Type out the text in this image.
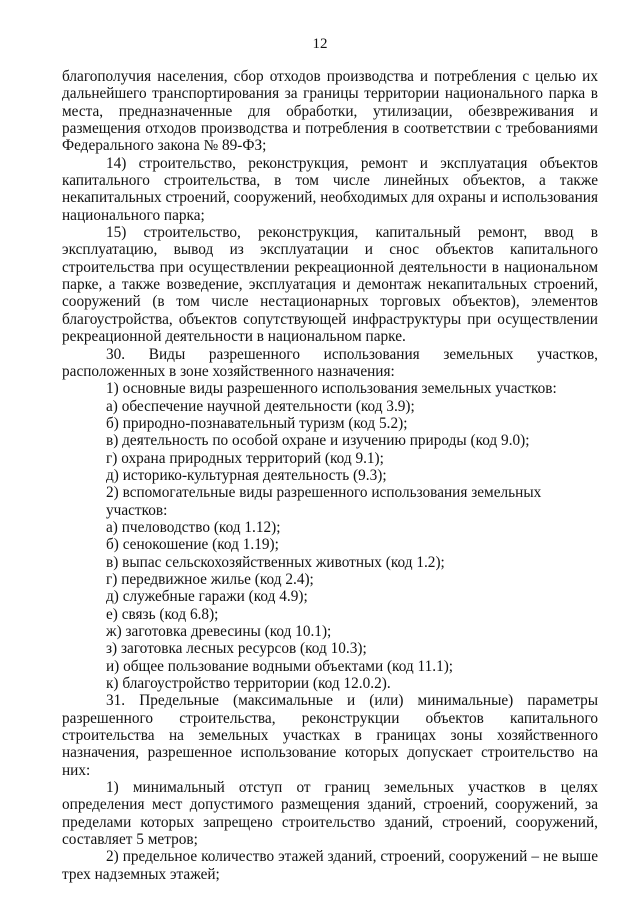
12

благополучия населения, сбор отходов производства и потребления с целью их дальнейшего транспортирования за границы территории национального парка в места, предназначенные для обработки, утилизации, обезвреживания и размещения отходов производства и потребления в соответствии с требованиями Федерального закона № 89-ФЗ;

14) строительство, реконструкция, ремонт и эксплуатация объектов капитального строительства, в том числе линейных объектов, а также некапитальных строений, сооружений, необходимых для охраны и использования национального парка;

15) строительство, реконструкция, капитальный ремонт, ввод в эксплуатацию, вывод из эксплуатации и снос объектов капитального строительства при осуществлении рекреационной деятельности в национальном парке, а также возведение, эксплуатация и демонтаж некапитальных строений, сооружений (в том числе нестационарных торговых объектов), элементов благоустройства, объектов сопутствующей инфраструктуры при осуществлении рекреационной деятельности в национальном парке.

30. Виды разрешенного использования земельных участков, расположенных в зоне хозяйственного назначения:

1) основные виды разрешенного использования земельных участков:

а) обеспечение научной деятельности (код 3.9);

б) природно-познавательный туризм (код 5.2);

в) деятельность по особой охране и изучению природы (код 9.0);

г) охрана природных территорий (код 9.1);

д) историко-культурная деятельность (9.3);

2) вспомогательные виды разрешенного использования земельных участков:

а) пчеловодство (код 1.12);

б) сенокошение (код 1.19);

в) выпас сельскохозяйственных животных (код 1.2);

г) передвижное жилье (код 2.4);

д) служебные гаражи (код 4.9);

е) связь (код 6.8);

ж) заготовка древесины (код 10.1);

з) заготовка лесных ресурсов (код 10.3);

и) общее пользование водными объектами (код 11.1);

к) благоустройство территории (код 12.0.2).

31. Предельные (максимальные и (или) минимальные) параметры разрешенного строительства, реконструкции объектов капитального строительства на земельных участках в границах зоны хозяйственного назначения, разрешенное использование которых допускает строительство на них:

1) минимальный отступ от границ земельных участков в целях определения мест допустимого размещения зданий, строений, сооружений, за пределами которых запрещено строительство зданий, строений, сооружений, составляет 5 метров;

2) предельное количество этажей зданий, строений, сооружений – не выше трех надземных этажей;
